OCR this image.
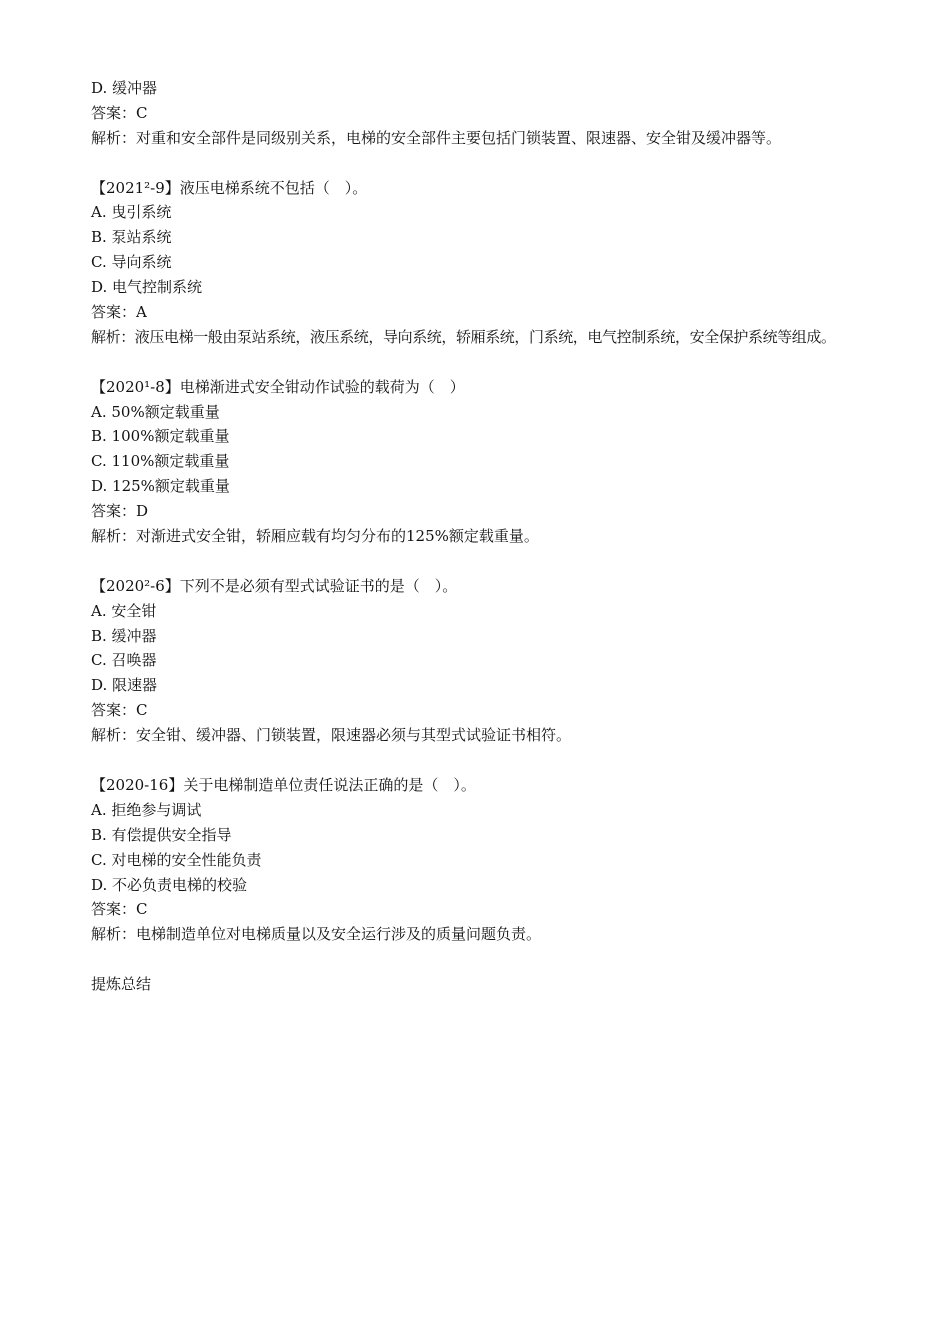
D. 缓冲器
答案：C
解析：对重和安全部件是同级别关系，电梯的安全部件主要包括门锁装置、限速器、安全钳及缓冲器等。
【2021²-9】液压电梯系统不包括（　）。
A. 曳引系统
B. 泵站系统
C. 导向系统
D. 电气控制系统
答案：A
解析：液压电梯一般由泵站系统，液压系统，导向系统，轿厢系统，门系统，电气控制系统，安全保护系统等组成。
【2020¹-8】电梯渐进式安全钳动作试验的载荷为（　）
A. 50%额定载重量
B. 100%额定载重量
C. 110%额定载重量
D. 125%额定载重量
答案：D
解析：对渐进式安全钳，轿厢应载有均匀分布的125%额定载重量。
【2020²-6】下列不是必须有型式试验证书的是（　）。
A. 安全钳
B. 缓冲器
C. 召唤器
D. 限速器
答案：C
解析：安全钳、缓冲器、门锁装置，限速器必须与其型式试验证书相符。
【2020-16】关于电梯制造单位责任说法正确的是（　）。
A. 拒绝参与调试
B. 有偿提供安全指导
C. 对电梯的安全性能负责
D. 不必负责电梯的校验
答案：C
解析：电梯制造单位对电梯质量以及安全运行涉及的质量问题负责。
提炼总结
